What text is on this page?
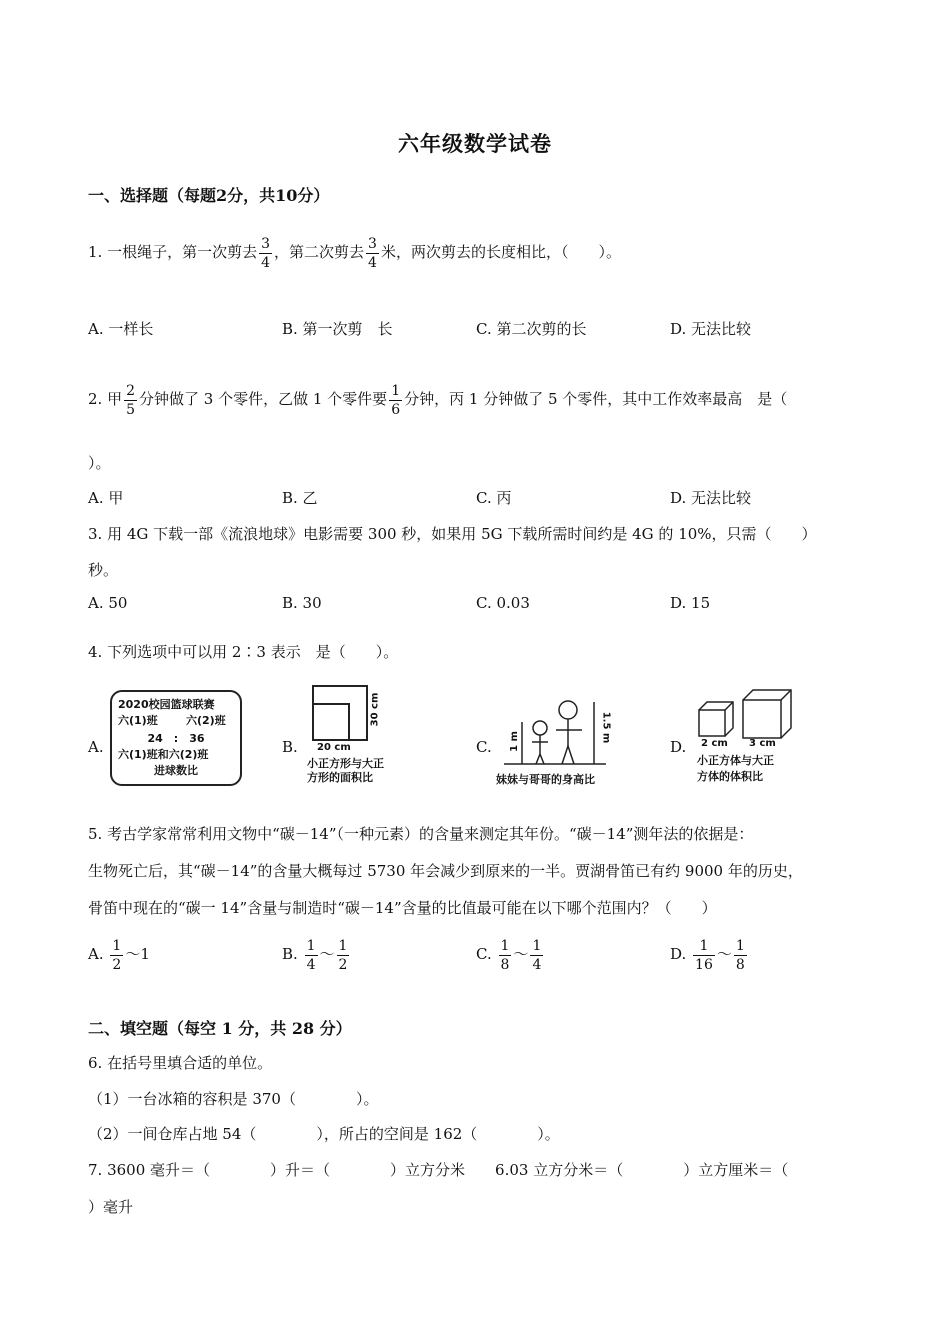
六年级数学试卷
一、选择题（每题2分，共10分）
1. 一根绳子，第一次剪去 $\frac{3}{4}$ ，第二次剪去 $\frac{3}{4}$ 米，两次剪去的长度相比，（　　）。
A. 一样长	B. 第一次剪　长	C. 第二次剪的长	D. 无法比较
2. 甲 $\frac{2}{5}$ 分钟做了 3 个零件，乙做 1 个零件要 $\frac{1}{6}$ 分钟，丙 1 分钟做了 5 个零件，其中工作效率最高　是（
）。
A. 甲	B. 乙	C. 丙	D. 无法比较
3. 用 4G 下载一部《流浪地球》电影需要 300 秒，如果用 5G 下载所需时间约是 4G 的 10%，只需（　　）
秒。
A. 50	B. 30	C. 0.03	D. 15
4. 下列选项中可以用 2∶3 表示　是（　　）。
A.	B.	C.	D.
2020校园篮球联赛
六(1)班	六(2)班
24　:　36
六(1)班和六(2)班
进球数比
30 cm
20 cm
小正方形与大正
方形的面积比
1 m	1.5 m
妹妹与哥哥的身高比
2 cm 3 cm
小正方体与大正
方体的体积比
5. 考古学家常常利用文物中“碳－14”（一种元素）的含量来测定其年份。“碳－14”测年法的依据是：
生物死亡后，其“碳－14”的含量大概每过 5730 年会减少到原来的一半。贾湖骨笛已有约 9000 年的历史，
骨笛中现在的“碳一 14”含量与制造时“碳－14”含量的比值最可能在以下哪个范围内？（　　）
A. $\frac{1}{2}$ ～1	B. $\frac{1}{4}$ ～ $\frac{1}{2}$	C. $\frac{1}{8}$ ～ $\frac{1}{4}$	D. $\frac{1}{16}$ ～ $\frac{1}{8}$
二、填空题（每空 1 分，共 28 分）
6. 在括号里填合适的单位。
（1）一台冰箱的容积是 370（　　　　）。
（2）一间仓库占地 54（　　　　），所占的空间是 162（　　　　）。
7. 3600 毫升＝（　　　　）升＝（　　　　）立方分米　　6.03 立方分米＝（　　　　）立方厘米＝（
）毫升
